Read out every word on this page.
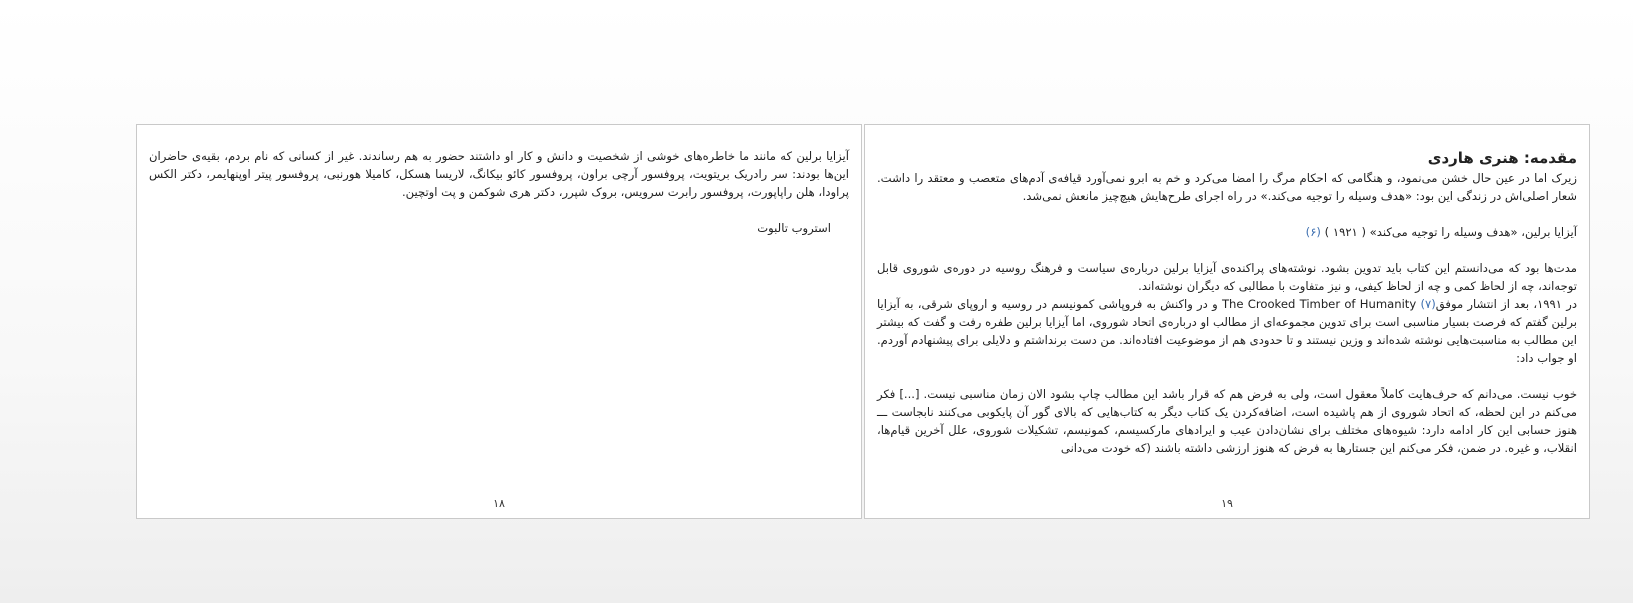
آیزایا برلین که مانند ما خاطره‌های خوشی از شخصیت و دانش و کار او داشتند حضور به هم رساندند. غیر از کسانی که نام بردم، بقیه‌ی حاضران این‌ها بودند: سر رادریک بریتویت، پروفسور آرچی براون، پروفسور کائو بیکانگ، لاریسا هسکل، کامیلا هورنبی، پروفسور پیتر اوپنهایمر، دکتر الکس پراودا، هلن راپاپورت، پروفسور رابرت سرویس، بروک شپرر، دکتر هری شوکمن و پت اوتچین.

استروب تالبوت

۱۸

مقدمه: هنری هاردی

زیرک اما در عین حال خشن می‌نمود، و هنگامی که احکام مرگ را امضا می‌کرد و خم به ابرو نمی‌آورد قیافه‌ی آدم‌های متعصب و معتقد را داشت. شعار اصلی‌اش در زندگی این بود: «هدف وسیله را توجیه می‌کند.» در راه اجرای طرح‌هایش هیچ‌چیز مانعش نمی‌شد.

آیزایا برلین، «هدف وسیله را توجیه می‌کند» ( ۱۹۲۱ ) (۶)

مدت‌ها بود که می‌دانستم این کتاب باید تدوین بشود. نوشته‌های پراکنده‌ی آیزایا برلین درباره‌ی سیاست و فرهنگ روسیه در دوره‌ی شوروی قابل توجه‌اند، چه از لحاظ کمی و چه از لحاظ کیفی، و نیز متفاوت با مطالبی که دیگران نوشته‌اند.

در ۱۹۹۱، بعد از انتشار موفق(۷) The Crooked Timber of Humanity و در واکنش به فروپاشی کمونیسم در روسیه و اروپای شرقی، به آیزایا برلین گفتم که فرصت بسیار مناسبی است برای تدوین مجموعه‌ای از مطالب او درباره‌ی اتحاد شوروی، اما آیزایا برلین طفره رفت و گفت که بیشتر این مطالب به مناسبت‌هایی نوشته شده‌اند و وزین نیستند و تا حدودی هم از موضوعیت افتاده‌اند. من دست برنداشتم و دلایلی برای پیشنهادم آوردم. او جواب داد:

خوب نیست. می‌دانم که حرف‌هایت کاملاً معقول است، ولی به فرض هم که قرار باشد این مطالب چاپ بشود الان زمان مناسبی نیست. [...] فکر می‌کنم در این لحظه، که اتحاد شوروی از هم پاشیده است، اضافه‌کردن یک کتاب دیگر به کتاب‌هایی که بالای گور آن پایکوبی می‌کنند نابجاست ـــ هنوز حسابی این کار ادامه دارد: شیوه‌های مختلف برای نشان‌دادن عیب و ایرادهای مارکسیسم، کمونیسم، تشکیلات شوروی، علل آخرین قیام‌ها، انقلاب، و غیره. در ضمن، فکر می‌کنم این جستارها به فرض که هنوز ارزشی داشته باشند (که خودت می‌دانی

۱۹
